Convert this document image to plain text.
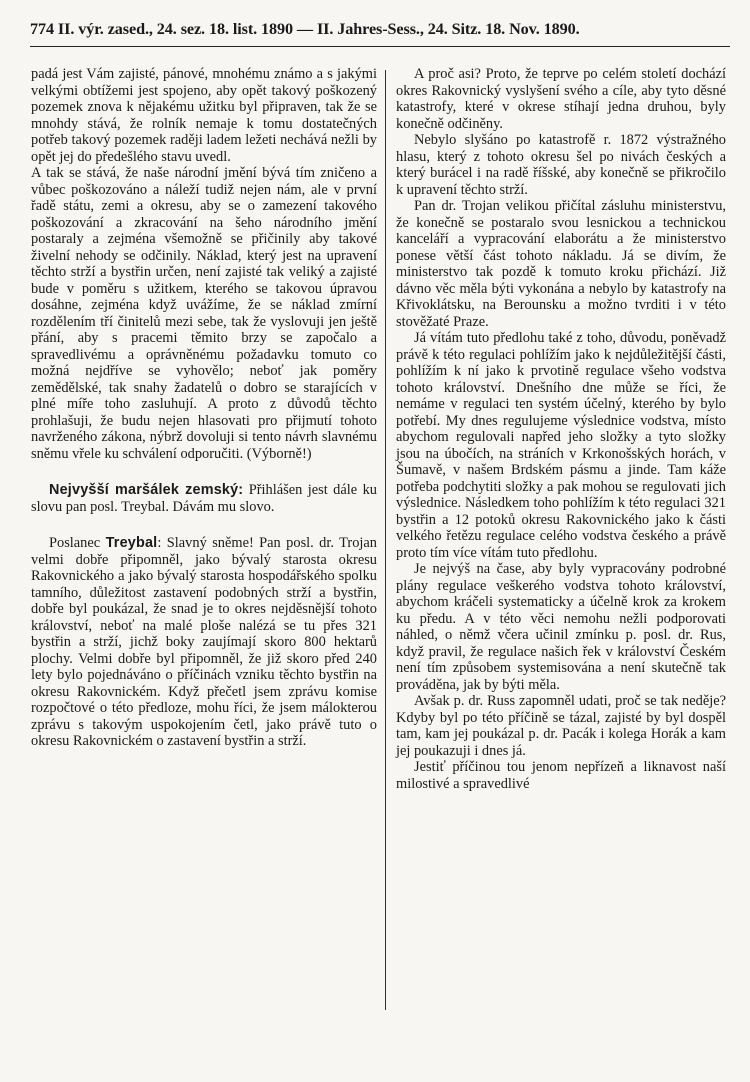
774 II. výr. zased., 24. sez. 18. list. 1890 — II. Jahres-Sess., 24. Sitz. 18. Nov. 1890.

padá jest Vám zajisté, pánové, mnohému známo a s jakými velkými obtížemi jest spojeno, aby opět takový poškozený pozemek znova k nějakému užitku byl připraven, tak že se mnohdy stává, že rolník nemaje k tomu dostatečných potřeb takový pozemek raději ladem ležeti nechává nežli by opět jej do předešlého stavu uvedl.

A tak se stává, že naše národní jmění bývá tím zničeno a vůbec poškozováno a náleží tudiž nejen nám, ale v první řadě státu, zemi a okresu, aby se o zamezení takového poškozování a zkracování na šeho národního jmění postaraly a zejména všemožně se přičinily aby takové živelní nehody se odčinily. Náklad, který jest na upravení těchto strží a bystřin určen, není zajisté tak veliký a zajisté bude v poměru s užitkem, kterého se takovou úpravou dosáhne, zejména když uvážíme, že se náklad zmírní rozdělením tří činitelů mezi sebe, tak že vyslovuji jen ještě přání, aby s pracemi těmito brzy se započalo a spravedlivému a oprávněnému požadavku tomuto co možná nejdříve se vyhovělo; neboť jak poměry zemědělské, tak snahy žadatelů o dobro se starajících v plné míře toho zasluhují. A proto z důvodů těchto prohlašuji, že budu nejen hlasovati pro přijmutí tohoto navrženého zákona, nýbrž dovoluji si tento návrh slavnému sněmu vřele ku schválení odporučiti. (Výborně!)

Nejvyšší maršálek zemský: Přihlášen jest dále ku slovu pan posl. Treybal. Dávám mu slovo.

Poslanec Treybal: Slavný sněme! Pan posl. dr. Trojan velmi dobře připomněl, jako bývalý starosta okresu Rakovnického a jako bývalý starosta hospodářského spolku tamního, důležitost zastavení podobných strží a bystřin, dobře byl poukázal, že snad je to okres nejděsnější tohoto království, neboť na malé ploše nalézá se tu přes 321 bystřin a strží, jichž boky zaujímají skoro 800 hektarů plochy. Velmi dobře byl připomněl, že již skoro před 240 lety bylo pojednáváno o příčinách vzniku těchto bystřin na okresu Rakovnickém. Když přečetl jsem zprávu komise rozpočtové o této předloze, mohu říci, že jsem málokterou zprávu s takovým uspokojením četl, jako právě tuto o okresu Rakovnickém o zastavení bystřin a strží.

A proč asi? Proto, že teprve po celém století dochází okres Rakovnický vyslyšení svého a cíle, aby tyto děsné katastrofy, které v okrese stíhají jedna druhou, byly konečně odčiněny.

Nebylo slyšáno po katastrofě r. 1872 výstražného hlasu, který z tohoto okresu šel po nivách českých a který burácel i na radě říšské, aby konečně se přikročilo k upravení těchto strží.

Pan dr. Trojan velikou přičítal zásluhu ministerstvu, že konečně se postaralo svou lesnickou a technickou kanceláří a vypracování elaborátu a že ministerstvo ponese větší část tohoto nákladu. Já se divím, že ministerstvo tak pozdě k tomuto kroku přichází. Již dávno věc měla býti vykonána a nebylo by katastrofy na Křivoklátsku, na Berounsku a možno tvrditi i v této stověžaté Praze.

Já vítám tuto předlohu také z toho, důvodu, poněvadž právě k této regulaci pohlížím jako k nejdůležitější části, pohlížím k ní jako k prvotině regulace všeho vodstva tohoto království. Dnešního dne může se říci, že nemáme v regulaci ten systém účelný, kterého by bylo potřebí. My dnes regulujeme výslednice vodstva, místo abychom regulovali napřed jeho složky a tyto složky jsou na úbočích, na stráních v Krkonošských horách, v Šumavě, v našem Brdském pásmu a jinde. Tam káže potřeba podchytiti složky a pak mohou se regulovati jich výslednice. Následkem toho pohlížím k této regulaci 321 bystřin a 12 potoků okresu Rakovnického jako k části velkého řetězu regulace celého vodstva českého a právě proto tím více vítám tuto předlohu.

Je nejvýš na čase, aby byly vypracovány podrobné plány regulace veškerého vodstva tohoto království, abychom kráčeli systematicky a účelně krok za krokem ku předu. A v této věci nemohu nežli podporovati náhled, o němž včera učinil zmínku p. posl. dr. Rus, když pravil, že regulace našich řek v království Českém není tím způsobem systemisována a není skutečně tak prováděna, jak by býti měla.

Avšak p. dr. Russ zapomněl udati, proč se tak neděje? Kdyby byl po této příčině se tázal, zajisté by byl dospěl tam, kam jej poukázal p. dr. Pacák i kolega Horák a kam jej poukazuji i dnes já.

Jestiť příčinou tou jenom nepřízeň a liknavost naší milostivé a spravedlivé
